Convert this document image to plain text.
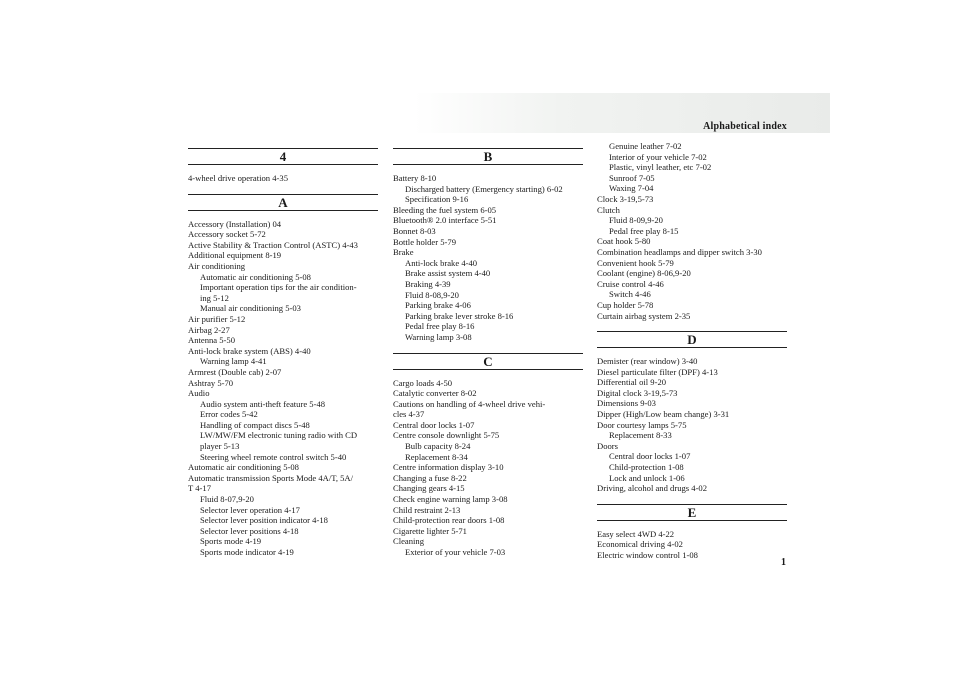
Alphabetical index
4
4-wheel drive operation 4-35
A
Accessory (Installation) 04
Accessory socket 5-72
Active Stability & Traction Control (ASTC) 4-43
Additional equipment 8-19
Air conditioning
Automatic air conditioning 5-08
Important operation tips for the air condition-
ing 5-12
Manual air conditioning 5-03
Air purifier 5-12
Airbag 2-27
Antenna 5-50
Anti-lock brake system (ABS) 4-40
Warning lamp 4-41
Armrest (Double cab) 2-07
Ashtray 5-70
Audio
Audio system anti-theft feature 5-48
Error codes 5-42
Handling of compact discs 5-48
LW/MW/FM electronic tuning radio with CD
player 5-13
Steering wheel remote control switch 5-40
Automatic air conditioning 5-08
Automatic transmission Sports Mode 4A/T, 5A/
T 4-17
Fluid 8-07,9-20
Selector lever operation 4-17
Selector lever position indicator 4-18
Selector lever positions 4-18
Sports mode 4-19
Sports mode indicator 4-19
B
Battery 8-10
Discharged battery (Emergency starting) 6-02
Specification 9-16
Bleeding the fuel system 6-05
Bluetooth® 2.0 interface 5-51
Bonnet 8-03
Bottle holder 5-79
Brake
Anti-lock brake 4-40
Brake assist system 4-40
Braking 4-39
Fluid 8-08,9-20
Parking brake 4-06
Parking brake lever stroke 8-16
Pedal free play 8-16
Warning lamp 3-08
C
Cargo loads 4-50
Catalytic converter 8-02
Cautions on handling of 4-wheel drive vehi-
cles 4-37
Central door locks 1-07
Centre console downlight 5-75
Bulb capacity 8-24
Replacement 8-34
Centre information display 3-10
Changing a fuse 8-22
Changing gears 4-15
Check engine warning lamp 3-08
Child restraint 2-13
Child-protection rear doors 1-08
Cigarette lighter 5-71
Cleaning
Exterior of your vehicle 7-03
Genuine leather 7-02
Interior of your vehicle 7-02
Plastic, vinyl leather, etc 7-02
Sunroof 7-05
Waxing 7-04
Clock 3-19,5-73
Clutch
Fluid 8-09,9-20
Pedal free play 8-15
Coat hook 5-80
Combination headlamps and dipper switch 3-30
Convenient hook 5-79
Coolant (engine) 8-06,9-20
Cruise control 4-46
Switch 4-46
Cup holder 5-78
Curtain airbag system 2-35
D
Demister (rear window) 3-40
Diesel particulate filter (DPF) 4-13
Differential oil 9-20
Digital clock 3-19,5-73
Dimensions 9-03
Dipper (High/Low beam change) 3-31
Door courtesy lamps 5-75
Replacement 8-33
Doors
Central door locks 1-07
Child-protection 1-08
Lock and unlock 1-06
Driving, alcohol and drugs 4-02
E
Easy select 4WD 4-22
Economical driving 4-02
Electric window control 1-08
1
